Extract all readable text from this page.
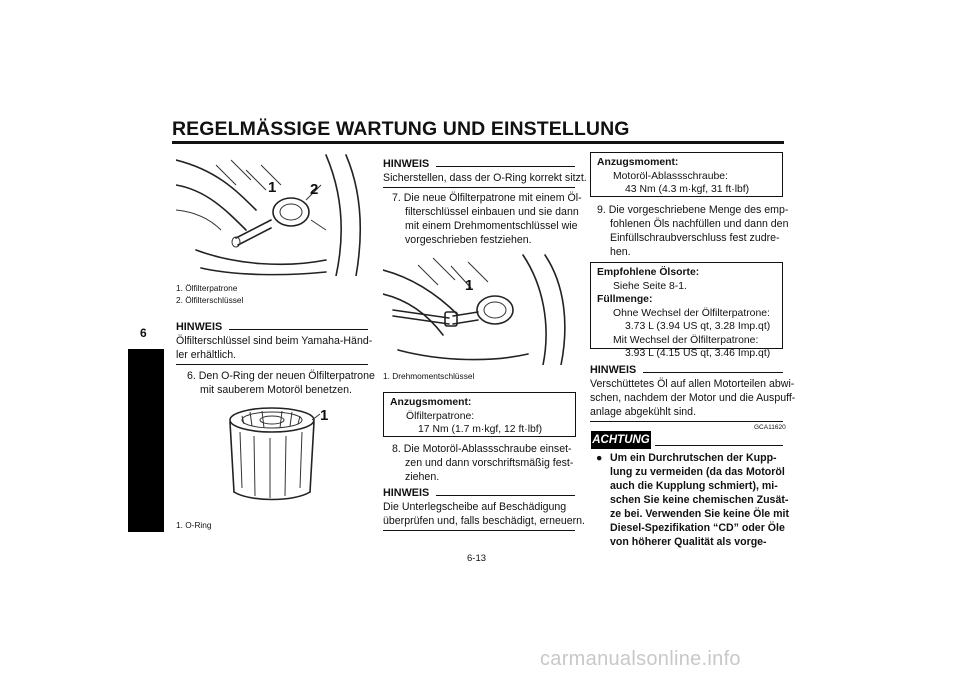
REGELMÄSSIGE WARTUNG UND EINSTELLUNG
6
1 2
1. Ölfilterpatrone
2. Ölfilterschlüssel
HINWEIS
Ölfilterschlüssel sind beim Yamaha-Händ-
ler erhältlich.
6. Den O-Ring der neuen Ölfilterpatrone
mit sauberem Motoröl benetzen.
1
1. O-Ring
HINWEIS
Sicherstellen, dass der O-Ring korrekt sitzt.
7. Die neue Ölfilterpatrone mit einem Öl-
filterschlüssel einbauen und sie dann
mit einem Drehmomentschlüssel wie
vorgeschrieben festziehen.
1
1. Drehmomentschlüssel
Anzugsmoment:
Ölfilterpatrone:
17 Nm (1.7 m·kgf, 12 ft·lbf)
8. Die Motoröl-Ablassschraube einset-
zen und dann vorschriftsmäßig fest-
ziehen.
HINWEIS
Die Unterlegscheibe auf Beschädigung
überprüfen und, falls beschädigt, erneuern.
Anzugsmoment:
Motoröl-Ablassschraube:
43 Nm (4.3 m·kgf, 31 ft·lbf)
9. Die vorgeschriebene Menge des emp-
fohlenen Öls nachfüllen und dann den
Einfüllschraubverschluss fest zudre-
hen.
Empfohlene Ölsorte:
Siehe Seite 8-1.
Füllmenge:
Ohne Wechsel der Ölfilterpatrone:
3.73 L (3.94 US qt, 3.28 Imp.qt)
Mit Wechsel der Ölfilterpatrone:
3.93 L (4.15 US qt, 3.46 Imp.qt)
HINWEIS
Verschüttetes Öl auf allen Motorteilen abwi-
schen, nachdem der Motor und die Auspuff-
anlage abgekühlt sind.
GCA11620
ACHTUNG
● Um ein Durchrutschen der Kupp-
lung zu vermeiden (da das Motoröl
auch die Kupplung schmiert), mi-
schen Sie keine chemischen Zusät-
ze bei. Verwenden Sie keine Öle mit
Diesel-Spezifikation “CD” oder Öle
von höherer Qualität als vorge-
6-13
carmanualsonline.info
